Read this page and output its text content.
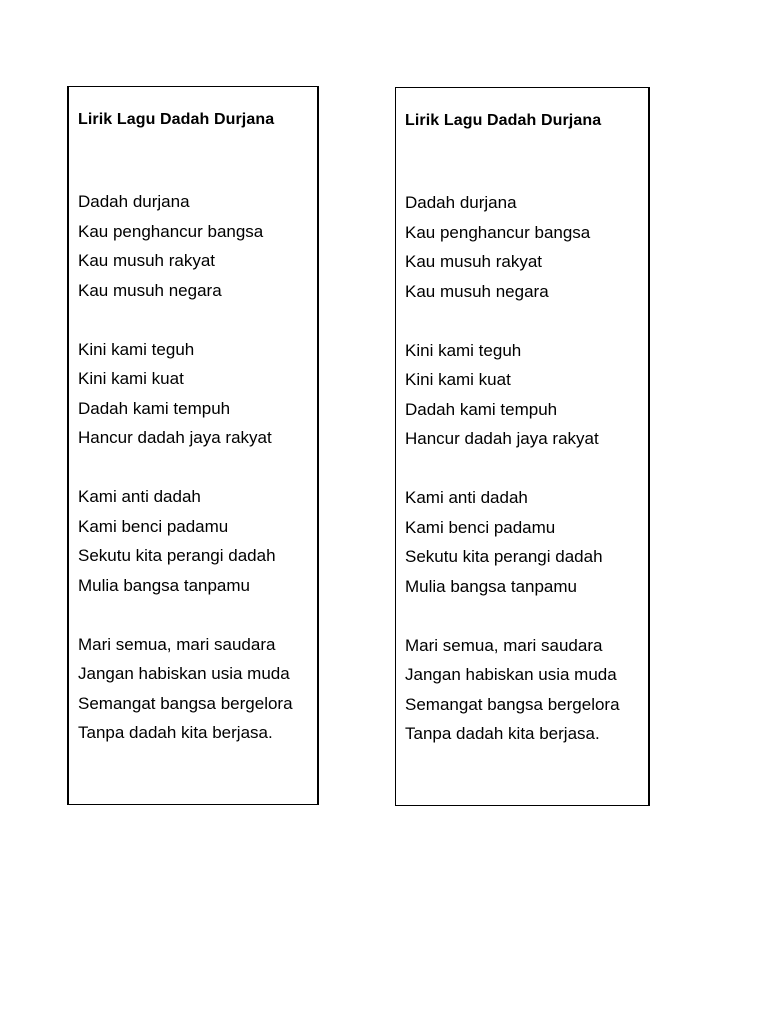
Lirik Lagu Dadah Durjana
Dadah durjana
Kau penghancur bangsa
Kau musuh rakyat
Kau musuh negara
Kini kami teguh
Kini kami kuat
Dadah kami tempuh
Hancur dadah jaya rakyat
Kami anti dadah
Kami benci padamu
Sekutu kita perangi dadah
Mulia bangsa tanpamu
Mari semua, mari saudara
Jangan habiskan usia muda
Semangat bangsa bergelora
Tanpa dadah kita berjasa.
Lirik Lagu Dadah Durjana
Dadah durjana
Kau penghancur bangsa
Kau musuh rakyat
Kau musuh negara
Kini kami teguh
Kini kami kuat
Dadah kami tempuh
Hancur dadah jaya rakyat
Kami anti dadah
Kami benci padamu
Sekutu kita perangi dadah
Mulia bangsa tanpamu
Mari semua, mari saudara
Jangan habiskan usia muda
Semangat bangsa bergelora
Tanpa dadah kita berjasa.
